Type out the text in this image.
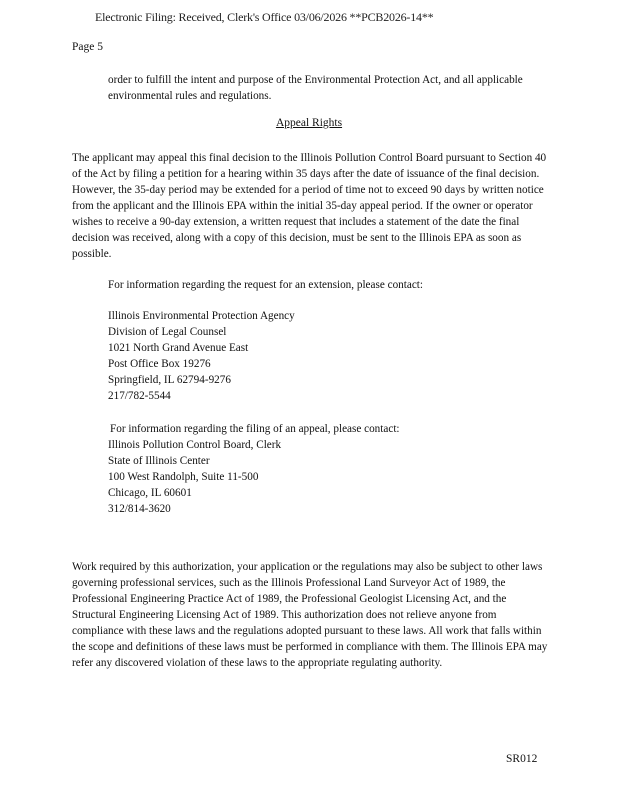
Electronic Filing: Received, Clerk's Office 03/06/2026 **PCB2026-14**
Page 5
order to fulfill the intent and purpose of the Environmental Protection Act, and all applicable environmental rules and regulations.
Appeal Rights
The applicant may appeal this final decision to the Illinois Pollution Control Board pursuant to Section 40 of the Act by filing a petition for a hearing within 35 days after the date of issuance of the final decision. However, the 35-day period may be extended for a period of time not to exceed 90 days by written notice from the applicant and the Illinois EPA within the initial 35-day appeal period. If the owner or operator wishes to receive a 90-day extension, a written request that includes a statement of the date the final decision was received, along with a copy of this decision, must be sent to the Illinois EPA as soon as possible.
For information regarding the request for an extension, please contact:
Illinois Environmental Protection Agency
Division of Legal Counsel
1021 North Grand Avenue East
Post Office Box 19276
Springfield, IL 62794-9276
217/782-5544
For information regarding the filing of an appeal, please contact:
Illinois Pollution Control Board, Clerk
State of Illinois Center
100 West Randolph, Suite 11-500
Chicago, IL 60601
312/814-3620
Work required by this authorization, your application or the regulations may also be subject to other laws governing professional services, such as the Illinois Professional Land Surveyor Act of 1989, the Professional Engineering Practice Act of 1989, the Professional Geologist Licensing Act, and the Structural Engineering Licensing Act of 1989. This authorization does not relieve anyone from compliance with these laws and the regulations adopted pursuant to these laws. All work that falls within the scope and definitions of these laws must be performed in compliance with them. The Illinois EPA may refer any discovered violation of these laws to the appropriate regulating authority.
SR012
